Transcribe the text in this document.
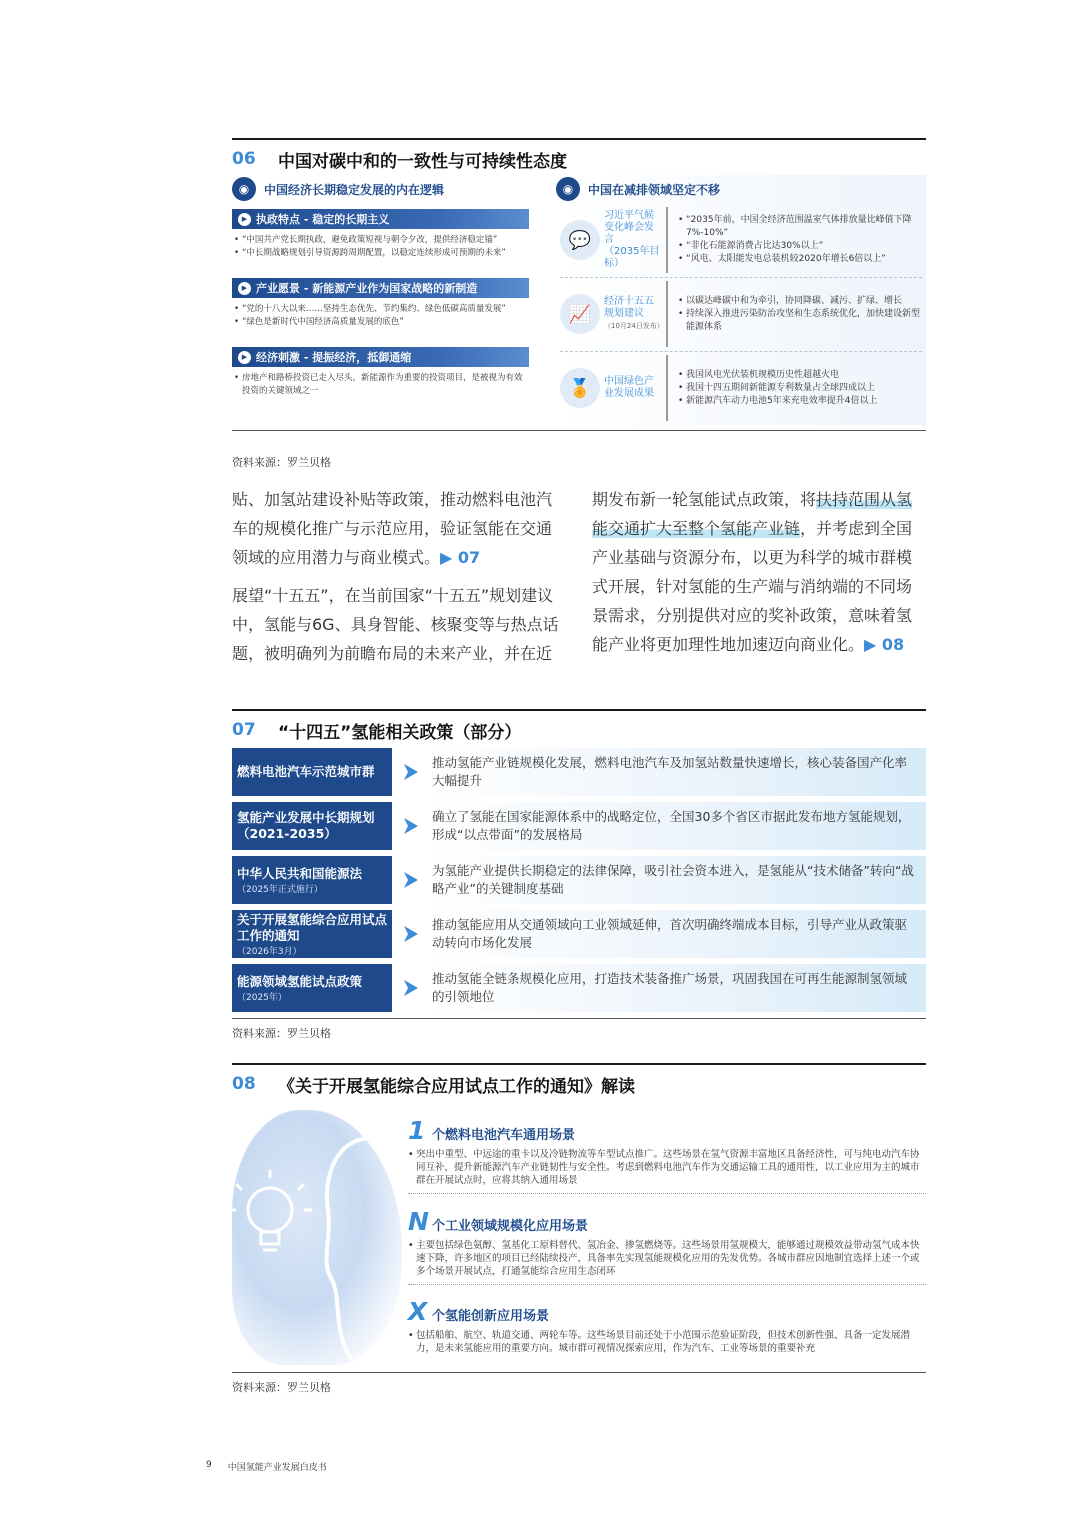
06	中国对碳中和的一致性与可持续性态度
◉ 中国经济长期稳定发展的内在逻辑
▶ 执政特点 - 稳定的长期主义
• “中国共产党长期执政，避免政策短视与朝令夕改，提供经济稳定锚”
• “中长期战略规划引导资源跨周期配置，以稳定连续形成可预期的未来”
▶ 产业愿景 - 新能源产业作为国家战略的新制造
• “党的十八大以来……坚持生态优先、节约集约、绿色低碳高质量发展”
• “绿色是新时代中国经济高质量发展的底色”
▶ 经济刺激 - 提振经济，抵御通缩
• 房地产和路桥投资已走入尽头，新能源作为重要的投资项目，是被视为有效投资的关键领域之一
◉ 中国在减排领域坚定不移
💬
习近平气候变化峰会发言
（2035年目标）
• “2035年前，中国全经济范围温室气体排放量比峰值下降7%-10%”
• “非化石能源消费占比达30%以上”
• “风电、太阳能发电总装机较2020年增长6倍以上”
📈
经济十五五规划建议
（10月24日发布）
• 以碳达峰碳中和为牵引，协同降碳、减污、扩绿、增长
• 持续深入推进污染防治攻坚和生态系统优化，加快建设新型能源体系
🏅 中国绿色产业发展成果
• 我国风电光伏装机规模历史性超越火电
• 我国十四五期间新能源专利数量占全球四成以上
• 新能源汽车动力电池5年来充电效率提升4倍以上
资料来源：罗兰贝格

贴、加氢站建设补贴等政策，推动燃料电池汽车的规模化推广与示范应用，验证氢能在交通领域的应用潜力与商业模式。▶ 07

展望“十五五”，在当前国家“十五五”规划建议中，氢能与6G、具身智能、核聚变等与热点话题，被明确列为前瞻布局的未来产业，并在近

期发布新一轮氢能试点政策，将扶持范围从氢能交通扩大至整个氢能产业链，并考虑到全国产业基础与资源分布，以更为科学的城市群模式开展，针对氢能的生产端与消纳端的不同场景需求，分别提供对应的奖补政策，意味着氢能产业将更加理性地加速迈向商业化。▶ 08

07	“十四五”氢能相关政策（部分）
燃料电池汽车示范城市群
推动氢能产业链规模化发展，燃料电池汽车及加氢站数量快速增长，核心装备国产化率大幅提升
氢能产业发展中长期规划（2021-2035）
确立了氢能在国家能源体系中的战略定位，全国30多个省区市据此发布地方氢能规划，形成“以点带面”的发展格局
中华人民共和国能源法
（2025年正式施行）
为氢能产业提供长期稳定的法律保障，吸引社会资本进入，是氢能从“技术储备”转向“战略产业”的关键制度基础
关于开展氢能综合应用试点工作的通知
（2026年3月）
推动氢能应用从交通领域向工业领域延伸，首次明确终端成本目标，引导产业从政策驱动转向市场化发展
能源领域氢能试点政策
（2025年）
推动氢能全链条规模化应用，打造技术装备推广场景，巩固我国在可再生能源制氢领域的引领地位
资料来源：罗兰贝格
08	《关于开展氢能综合应用试点工作的通知》解读
1 个燃料电池汽车通用场景
• 突出中重型、中远途的重卡以及冷链物流等车型试点推广。这些场景在氢气资源丰富地区具备经济性，可与纯电动汽车协同互补，提升新能源汽车产业链韧性与安全性。考虑到燃料电池汽车作为交通运输工具的通用性，以工业应用为主的城市群在开展试点时，应将其纳入通用场景
N 个工业领域规模化应用场景
• 主要包括绿色氨醇、氢基化工原料替代、氢冶金、掺氢燃烧等。这些场景用氢规模大，能够通过规模效益带动氢气成本快速下降，许多地区的项目已经陆续投产，具备率先实现氢能规模化应用的先发优势。各城市群应因地制宜选择上述一个或多个场景开展试点，打通氢能综合应用生态闭环
X 个氢能创新应用场景
• 包括船舶、航空、轨道交通、两轮车等。这些场景目前还处于小范围示范验证阶段，但技术创新性强、具备一定发展潜力，是未来氢能应用的重要方向。城市群可视情况探索应用，作为汽车、工业等场景的重要补充
资料来源：罗兰贝格
9 中国氢能产业发展白皮书
